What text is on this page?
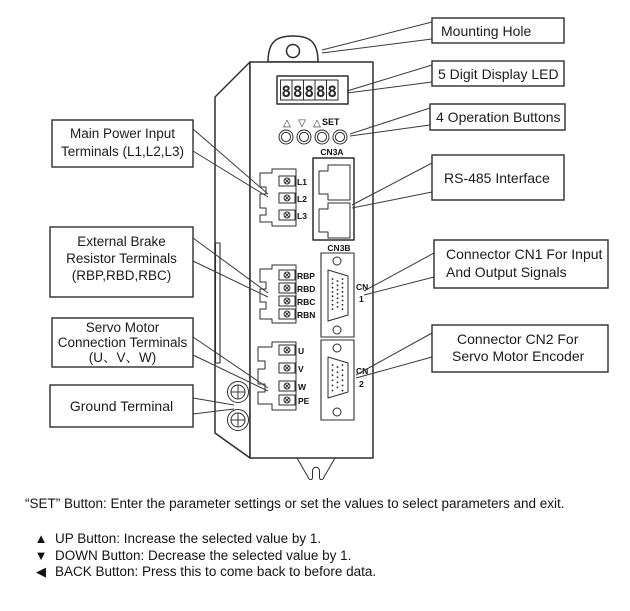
8 8 8 8 8
△ ▽ △ SET
CN3A
CN3B
CN
1
CN
2
L1
L2
L3
RBP
RBD
RBC
RBN
U
V
W
PE
Main Power Input
Terminals (L1,L2,L3)
External Brake
Resistor Terminals
(RBP,RBD,RBC)
Servo Motor
Connection Terminals
(U、V、W)
Ground Terminal
Mounting Hole
5 Digit Display LED
4 Operation Buttons
RS-485 Interface
Connector CN1 For Input
And Output Signals
Connector CN2 For
Servo Motor Encoder
“SET” Button: Enter the parameter settings or set the values to select parameters and exit.
▲ UP Button: Increase the selected value by 1.
▼ DOWN Button: Decrease the selected value by 1.
◀ BACK Button: Press this to come back to before data.
